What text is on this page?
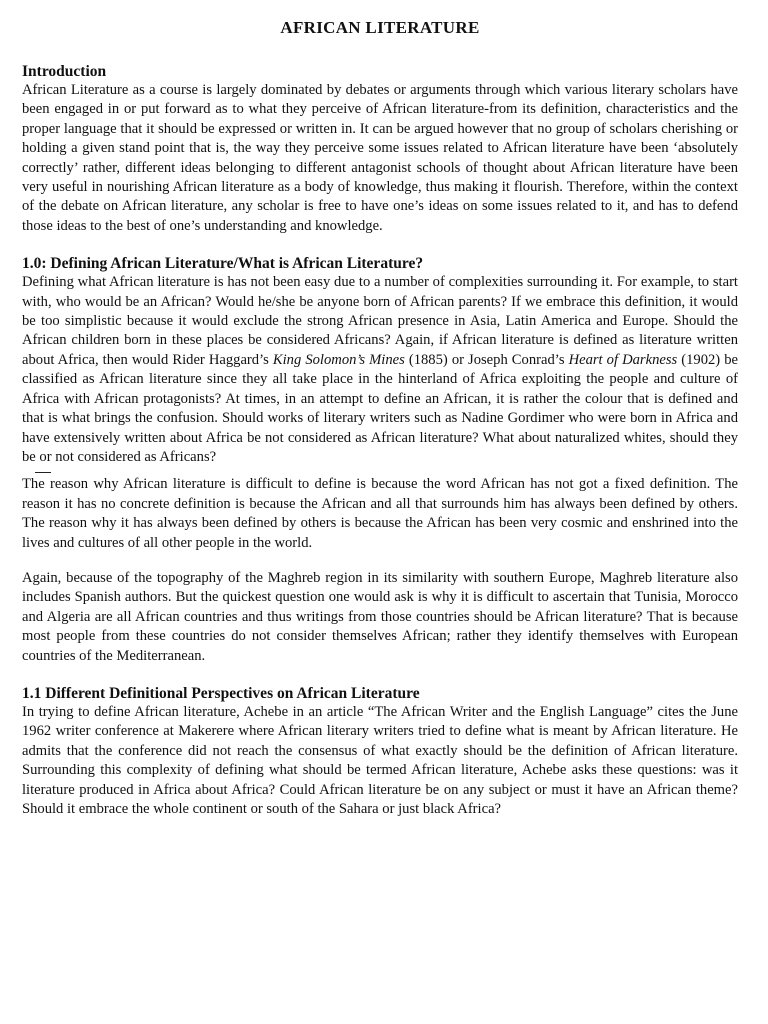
AFRICAN LITERATURE
Introduction

African Literature as a course is largely dominated by debates or arguments through which various literary scholars have been engaged in or put forward as to what they perceive of African literature-from its definition, characteristics and the proper language that it should be expressed or written in. It can be argued however that no group of scholars cherishing or holding a given stand point that is, the way they perceive some issues related to African literature have been ‘absolutely correctly’ rather, different ideas belonging to different antagonist schools of thought about African literature have been very useful in nourishing African literature as a body of knowledge, thus making it flourish. Therefore, within the context of the debate on African literature, any scholar is free to have one’s ideas on some issues related to it, and has to defend those ideas to the best of one’s understanding and knowledge.

1.0: Defining African Literature/What is African Literature?

Defining what African literature is has not been easy due to a number of complexities surrounding it. For example, to start with, who would be an African? Would he/she be anyone born of African parents? If we embrace this definition, it would be too simplistic because it would exclude the strong African presence in Asia, Latin America and Europe. Should the African children born in these places be considered Africans? Again, if African literature is defined as literature written about Africa, then would Rider Haggard’s King Solomon’s Mines (1885) or Joseph Conrad’s Heart of Darkness (1902) be classified as African literature since they all take place in the hinterland of Africa exploiting the people and culture of Africa with African protagonists? At times, in an attempt to define an African, it is rather the colour that is defined and that is what brings the confusion. Should works of literary writers such as Nadine Gordimer who were born in Africa and have extensively written about Africa be not considered as African literature? What about naturalized whites, should they be or not considered as Africans?

The reason why African literature is difficult to define is because the word African has not got a fixed definition. The reason it has no concrete definition is because the African and all that surrounds him has always been defined by others. The reason why it has always been defined by others is because the African has been very cosmic and enshrined into the lives and cultures of all other people in the world.

Again, because of the topography of the Maghreb region in its similarity with southern Europe, Maghreb literature also includes Spanish authors. But the quickest question one would ask is why it is difficult to ascertain that Tunisia, Morocco and Algeria are all African countries and thus writings from those countries should be African literature? That is because most people from these countries do not consider themselves African; rather they identify themselves with European countries of the Mediterranean.

1.1 Different Definitional Perspectives on African Literature

In trying to define African literature, Achebe in an article “The African Writer and the English Language” cites the June 1962 writer conference at Makerere where African literary writers tried to define what is meant by African literature. He admits that the conference did not reach the consensus of what exactly should be the definition of African literature. Surrounding this complexity of defining what should be termed African literature, Achebe asks these questions: was it literature produced in Africa about Africa? Could African literature be on any subject or must it have an African theme? Should it embrace the whole continent or south of the Sahara or just black Africa?
